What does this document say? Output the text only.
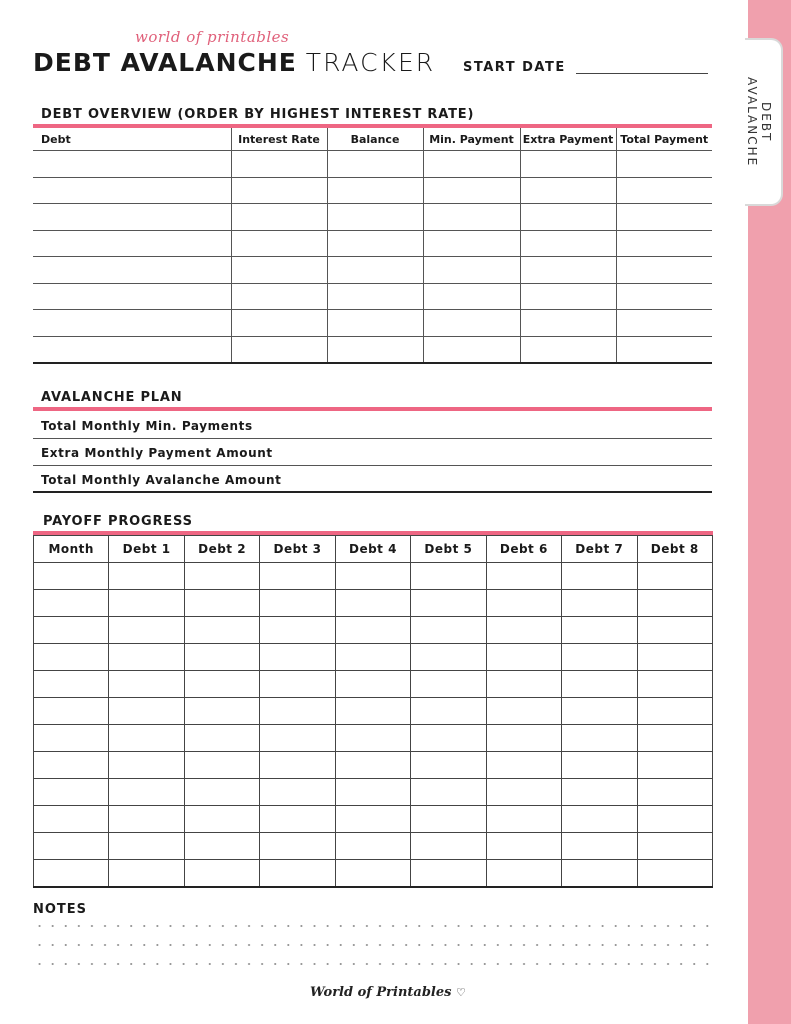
DEBT AVALANCHE
world of printables
DEBT AVALANCHE TRACKER START DATE
DEBT OVERVIEW (ORDER BY HIGHEST INTEREST RATE)
Debt	Interest Rate	Balance	Min. Payment	Extra Payment	Total Payment

AVALANCHE PLAN
Total Monthly Min. Payments
Extra Monthly Payment Amount
Total Monthly Avalanche Amount
PAYOFF PROGRESS
Month	Debt 1	Debt 2	Debt 3	Debt 4	Debt 5	Debt 6	Debt 7	Debt 8

NOTES
World of Printables ♡
